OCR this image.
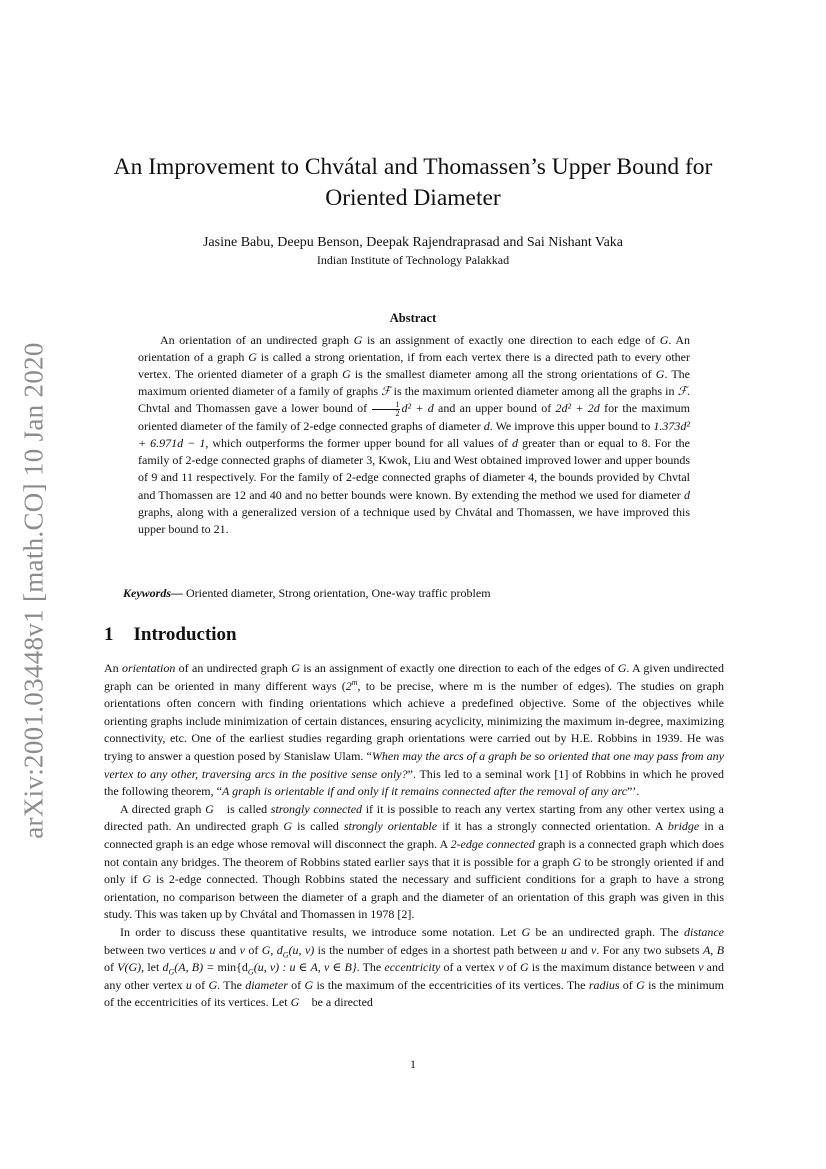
arXiv:2001.03448v1 [math.CO] 10 Jan 2020
An Improvement to Chvátal and Thomassen’s Upper Bound for
Oriented Diameter
Jasine Babu, Deepu Benson, Deepak Rajendraprasad and Sai Nishant Vaka
Indian Institute of Technology Palakkad
Abstract

An orientation of an undirected graph G is an assignment of exactly one direction to each edge of G. An orientation of a graph G is called a strong orientation, if from each vertex there is a directed path to every other vertex. The oriented diameter of a graph G is the smallest diameter among all the strong orientations of G. The maximum oriented diameter of a family of graphs ℱ is the maximum oriented diameter among all the graphs in ℱ. Chvtal and Thomassen gave a lower bound of $\frac{1}{2} d^2 + d$ and an upper bound of 2d² + 2d for the maximum oriented diameter of the family of 2-edge connected graphs of diameter d. We improve this upper bound to 1.373d² + 6.971d − 1, which outperforms the former upper bound for all values of d greater than or equal to 8. For the family of 2-edge connected graphs of diameter 3, Kwok, Liu and West obtained improved lower and upper bounds of 9 and 11 respectively. For the family of 2-edge connected graphs of diameter 4, the bounds provided by Chvtal and Thomassen are 12 and 40 and no better bounds were known. By extending the method we used for diameter d graphs, along with a generalized version of a technique used by Chvátal and Thomassen, we have improved this upper bound to 21.

Keywords— Oriented diameter, Strong orientation, One-way traffic problem
1 Introduction

An orientation of an undirected graph G is an assignment of exactly one direction to each of the edges of G. A given undirected graph can be oriented in many different ways (2$^m$, to be precise, where m is the number of edges). The studies on graph orientations often concern with finding orientations which achieve a predefined objective. Some of the objectives while orienting graphs include minimization of certain distances, ensuring acyclicity, minimizing the maximum in-degree, maximizing connectivity, etc. One of the earliest studies regarding graph orientations were carried out by H.E. Robbins in 1939. He was trying to answer a question posed by Stanislaw Ulam. “When may the arcs of a graph be so oriented that one may pass from any vertex to any other, traversing arcs in the positive sense only?”. This led to a seminal work [1] of Robbins in which he proved the following theorem, “A graph is orientable if and only if it remains connected after the removal of any arc”’.

A directed graph G⃗ is called strongly connected if it is possible to reach any vertex starting from any other vertex using a directed path. An undirected graph G is called strongly orientable if it has a strongly connected orientation. A bridge in a connected graph is an edge whose removal will disconnect the graph. A 2-edge connected graph is a connected graph which does not contain any bridges. The theorem of Robbins stated earlier says that it is possible for a graph G to be strongly oriented if and only if G is 2-edge connected. Though Robbins stated the necessary and sufficient conditions for a graph to have a strong orientation, no comparison between the diameter of a graph and the diameter of an orientation of this graph was given in this study. This was taken up by Chvátal and Thomassen in 1978 [2].

In order to discuss these quantitative results, we introduce some notation. Let G be an undirected graph. The distance between two vertices u and v of G, $d_G(u$, v) is the number of edges in a shortest path between u and v. For any two subsets A, B of V(G), let $d_G(A$, $B) = \min\{d_G(u$, v) : u ∈ A, v ∈ B}. The eccentricity of a vertex v of G is the maximum distance between v and any other vertex u of G. The diameter of G is the maximum of the eccentricities of its vertices. The radius of G is the minimum of the eccentricities of its vertices. Let G⃗ be a directed

1
